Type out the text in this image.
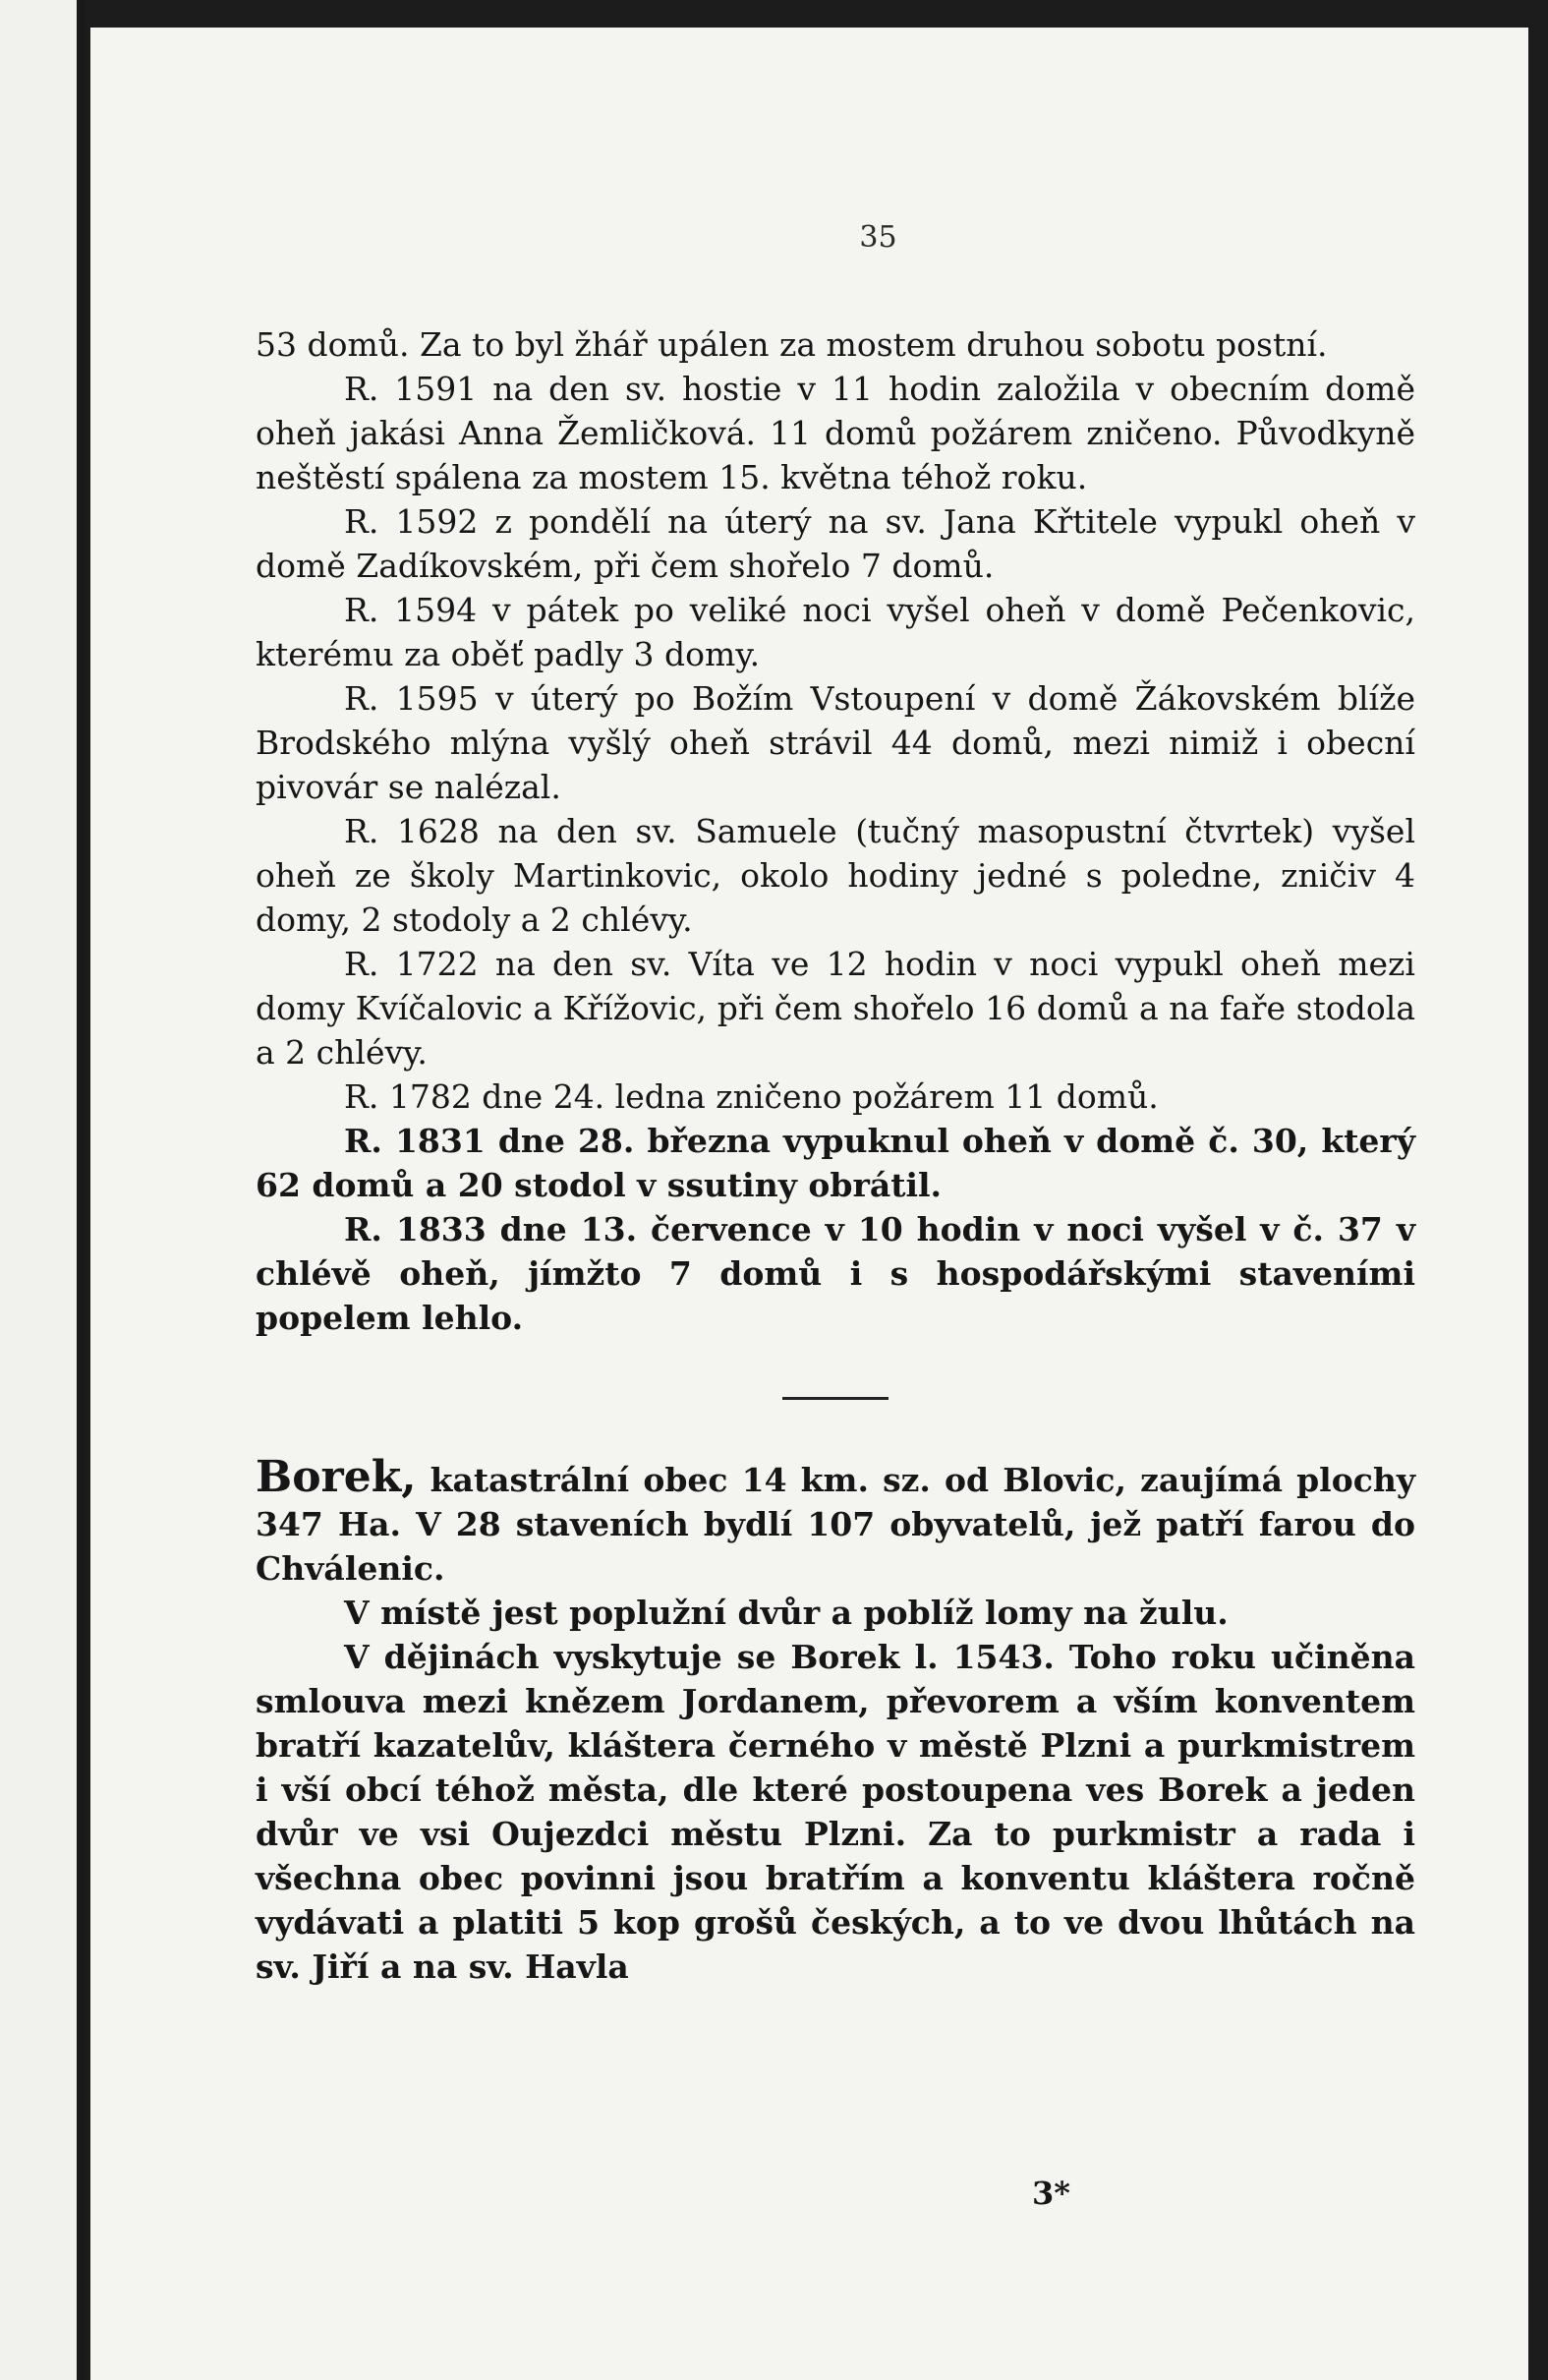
35

53 domů. Za to byl žhář upálen za mostem druhou sobotu postní.

R. 1591 na den sv. hostie v 11 hodin založila v obecním domě oheň jakási Anna Žemličková. 11 domů požárem zničeno. Původkyně neštěstí spálena za mostem 15. května téhož roku.

R. 1592 z pondělí na úterý na sv. Jana Křtitele vypukl oheň v domě Zadíkovském, při čem shořelo 7 domů.

R. 1594 v pátek po veliké noci vyšel oheň v domě Pečenkovic, kterému za oběť padly 3 domy.

R. 1595 v úterý po Božím Vstoupení v domě Žákovském blíže Brodského mlýna vyšlý oheň strávil 44 domů, mezi nimiž i obecní pivovár se nalézal.

R. 1628 na den sv. Samuele (tučný masopustní čtvrtek) vyšel oheň ze školy Martinkovic, okolo hodiny jedné s poledne, zničiv 4 domy, 2 stodoly a 2 chlévy.

R. 1722 na den sv. Víta ve 12 hodin v noci vypukl oheň mezi domy Kvíčalovic a Křížovic, při čem shořelo 16 domů a na faře stodola a 2 chlévy.

R. 1782 dne 24. ledna zničeno požárem 11 domů.

R. 1831 dne 28. března vypuknul oheň v domě č. 30, který 62 domů a 20 stodol v ssutiny obrátil.

R. 1833 dne 13. července v 10 hodin v noci vyšel v č. 37 v chlévě oheň, jímžto 7 domů i s hospodářskými staveními popelem lehlo.

Borek, katastrální obec 14 km. sz. od Blovic, zaujímá plochy 347 Ha. V 28 staveních bydlí 107 obyvatelů, jež patří farou do Chválenic.

V místě jest poplužní dvůr a poblíž lomy na žulu.

V dějinách vyskytuje se Borek l. 1543. Toho roku učiněna smlouva mezi knězem Jordanem, převorem a vším konventem bratří kazatelův, kláštera černého v městě Plzni a purkmistrem i vší obcí téhož města, dle které postoupena ves Borek a jeden dvůr ve vsi Oujezdci městu Plzni. Za to purkmistr a rada i všechna obec povinni jsou bratřím a konventu kláštera ročně vydávati a platiti 5 kop grošů českých, a to ve dvou lhůtách na sv. Jiří a na sv. Havla

3*
